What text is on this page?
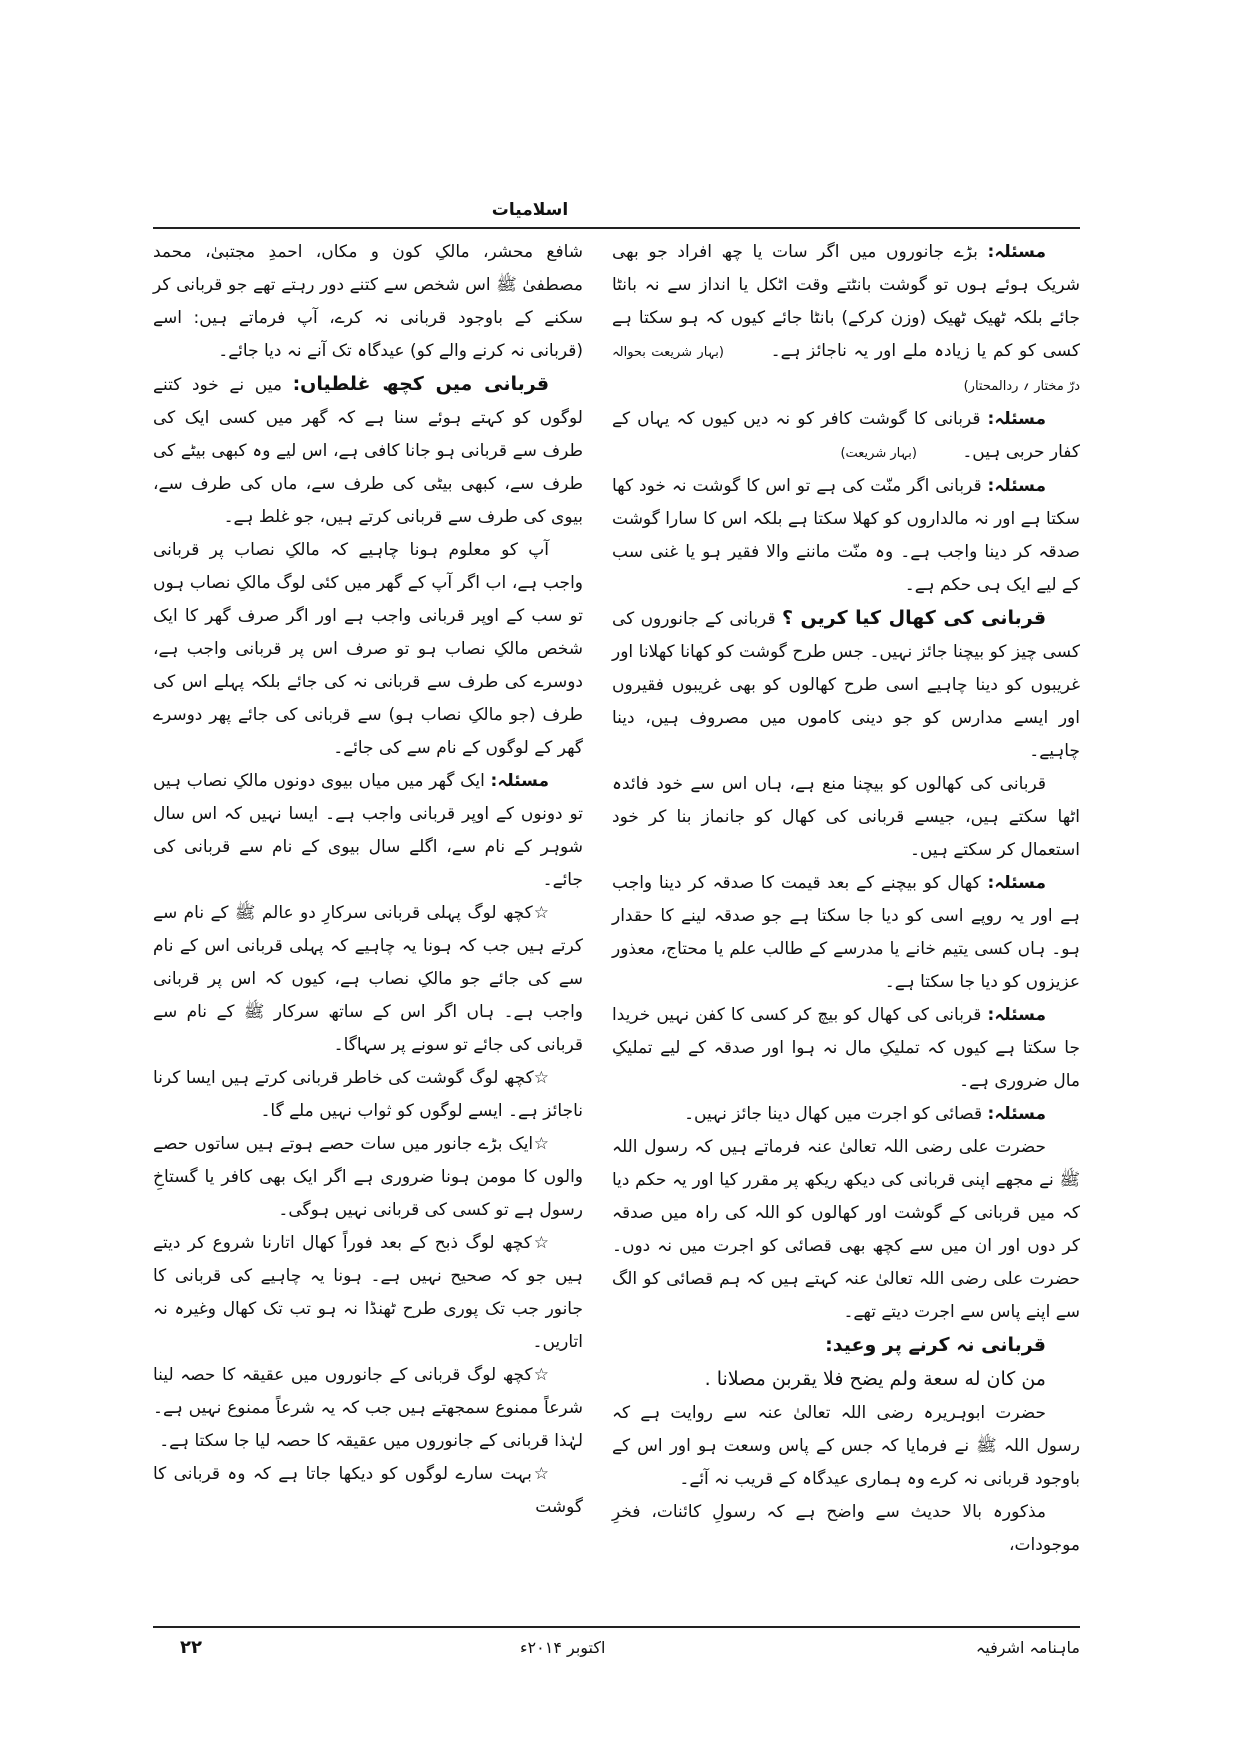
اسلامیات

مسئلہ: بڑے جانوروں میں اگر سات یا چھ افراد جو بھی شریک ہوئے ہوں تو گوشت بانٹتے وقت اٹکل یا انداز سے نہ بانٹا جائے بلکہ ٹھیک ٹھیک (وزن کرکے) بانٹا جائے کیوں کہ ہو سکتا ہے کسی کو کم یا زیادہ ملے اور یہ ناجائز ہے۔ (بہار شریعت بحوالہ درّ مختار ؍ ردالمحتار)

مسئلہ: قربانی کا گوشت کافر کو نہ دیں کیوں کہ یہاں کے کفار حربی ہیں۔ (بہار شریعت)

مسئلہ: قربانی اگر منّت کی ہے تو اس کا گوشت نہ خود کھا سکتا ہے اور نہ مالداروں کو کھلا سکتا ہے بلکہ اس کا سارا گوشت صدقہ کر دینا واجب ہے۔ وہ منّت ماننے والا فقیر ہو یا غنی سب کے لیے ایک ہی حکم ہے۔

قربانی کی کھال کیا کریں ؟ قربانی کے جانوروں کی کسی چیز کو بیچنا جائز نہیں۔ جس طرح گوشت کو کھانا کھلانا اور غریبوں کو دینا چاہیے اسی طرح کھالوں کو بھی غریبوں فقیروں اور ایسے مدارس کو جو دینی کاموں میں مصروف ہیں، دینا چاہیے۔

قربانی کی کھالوں کو بیچنا منع ہے، ہاں اس سے خود فائدہ اٹھا سکتے ہیں، جیسے قربانی کی کھال کو جانماز بنا کر خود استعمال کر سکتے ہیں۔

مسئلہ: کھال کو بیچنے کے بعد قیمت کا صدقہ کر دینا واجب ہے اور یہ روپے اسی کو دیا جا سکتا ہے جو صدقہ لینے کا حقدار ہو۔ ہاں کسی یتیم خانے یا مدرسے کے طالب علم یا محتاج، معذور عزیزوں کو دیا جا سکتا ہے۔

مسئلہ: قربانی کی کھال کو بیچ کر کسی کا کفن نہیں خریدا جا سکتا ہے کیوں کہ تملیکِ مال نہ ہوا اور صدقہ کے لیے تملیکِ مال ضروری ہے۔

مسئلہ: قصائی کو اجرت میں کھال دینا جائز نہیں۔

حضرت علی رضی اللہ تعالیٰ عنہ فرماتے ہیں کہ رسول اللہ ﷺ نے مجھے اپنی قربانی کی دیکھ ریکھ پر مقرر کیا اور یہ حکم دیا کہ میں قربانی کے گوشت اور کھالوں کو اللہ کی راہ میں صدقہ کر دوں اور ان میں سے کچھ بھی قصائی کو اجرت میں نہ دوں۔ حضرت علی رضی اللہ تعالیٰ عنہ کہتے ہیں کہ ہم قصائی کو الگ سے اپنے پاس سے اجرت دیتے تھے۔

قربانی نہ کرنے پر وعید:

من كان له سعة ولم يضح فلا يقربن مصلانا .

حضرت ابوہریرہ رضی اللہ تعالیٰ عنہ سے روایت ہے کہ رسول اللہ ﷺ نے فرمایا کہ جس کے پاس وسعت ہو اور اس کے باوجود قربانی نہ کرے وہ ہماری عیدگاہ کے قریب نہ آئے۔

مذکورہ بالا حدیث سے واضح ہے کہ رسولِ کائنات، فخرِ موجودات،

شافع محشر، مالکِ کون و مکاں، احمدِ مجتبیٰ، محمد مصطفیٰ ﷺ اس شخص سے کتنے دور رہتے تھے جو قربانی کر سکنے کے باوجود قربانی نہ کرے، آپ فرماتے ہیں: اسے (قربانی نہ کرنے والے کو) عیدگاہ تک آنے نہ دیا جائے۔

قربانی میں کچھ غلطیاں: میں نے خود کتنے لوگوں کو کہتے ہوئے سنا ہے کہ گھر میں کسی ایک کی طرف سے قربانی ہو جانا کافی ہے، اس لیے وہ کبھی بیٹے کی طرف سے، کبھی بیٹی کی طرف سے، ماں کی طرف سے، بیوی کی طرف سے قربانی کرتے ہیں، جو غلط ہے۔

آپ کو معلوم ہونا چاہیے کہ مالکِ نصاب پر قربانی واجب ہے، اب اگر آپ کے گھر میں کئی لوگ مالکِ نصاب ہوں تو سب کے اوپر قربانی واجب ہے اور اگر صرف گھر کا ایک شخص مالکِ نصاب ہو تو صرف اس پر قربانی واجب ہے، دوسرے کی طرف سے قربانی نہ کی جائے بلکہ پہلے اس کی طرف (جو مالکِ نصاب ہو) سے قربانی کی جائے پھر دوسرے گھر کے لوگوں کے نام سے کی جائے۔

مسئلہ: ایک گھر میں میاں بیوی دونوں مالکِ نصاب ہیں تو دونوں کے اوپر قربانی واجب ہے۔ ایسا نہیں کہ اس سال شوہر کے نام سے، اگلے سال بیوی کے نام سے قربانی کی جائے۔

☆کچھ لوگ پہلی قربانی سرکارِ دو عالم ﷺ کے نام سے کرتے ہیں جب کہ ہونا یہ چاہیے کہ پہلی قربانی اس کے نام سے کی جائے جو مالکِ نصاب ہے، کیوں کہ اس پر قربانی واجب ہے۔ ہاں اگر اس کے ساتھ سرکار ﷺ کے نام سے قربانی کی جائے تو سونے پر سہاگا۔

☆کچھ لوگ گوشت کی خاطر قربانی کرتے ہیں ایسا کرنا ناجائز ہے۔ ایسے لوگوں کو ثواب نہیں ملے گا۔

☆ایک بڑے جانور میں سات حصے ہوتے ہیں ساتوں حصے والوں کا مومن ہونا ضروری ہے اگر ایک بھی کافر یا گستاخِ رسول ہے تو کسی کی قربانی نہیں ہوگی۔

☆کچھ لوگ ذبح کے بعد فوراً کھال اتارنا شروع کر دیتے ہیں جو کہ صحیح نہیں ہے۔ ہونا یہ چاہیے کی قربانی کا جانور جب تک پوری طرح ٹھنڈا نہ ہو تب تک کھال وغیرہ نہ اتاریں۔

☆کچھ لوگ قربانی کے جانوروں میں عقیقہ کا حصہ لینا شرعاً ممنوع سمجھتے ہیں جب کہ یہ شرعاً ممنوع نہیں ہے۔ لہٰذا قربانی کے جانوروں میں عقیقہ کا حصہ لیا جا سکتا ہے۔

☆بہت سارے لوگوں کو دیکھا جاتا ہے کہ وہ قربانی کا گوشت

ماہنامہ اشرفیہ
اکتوبر ۲۰۱۴ء
۲۲
